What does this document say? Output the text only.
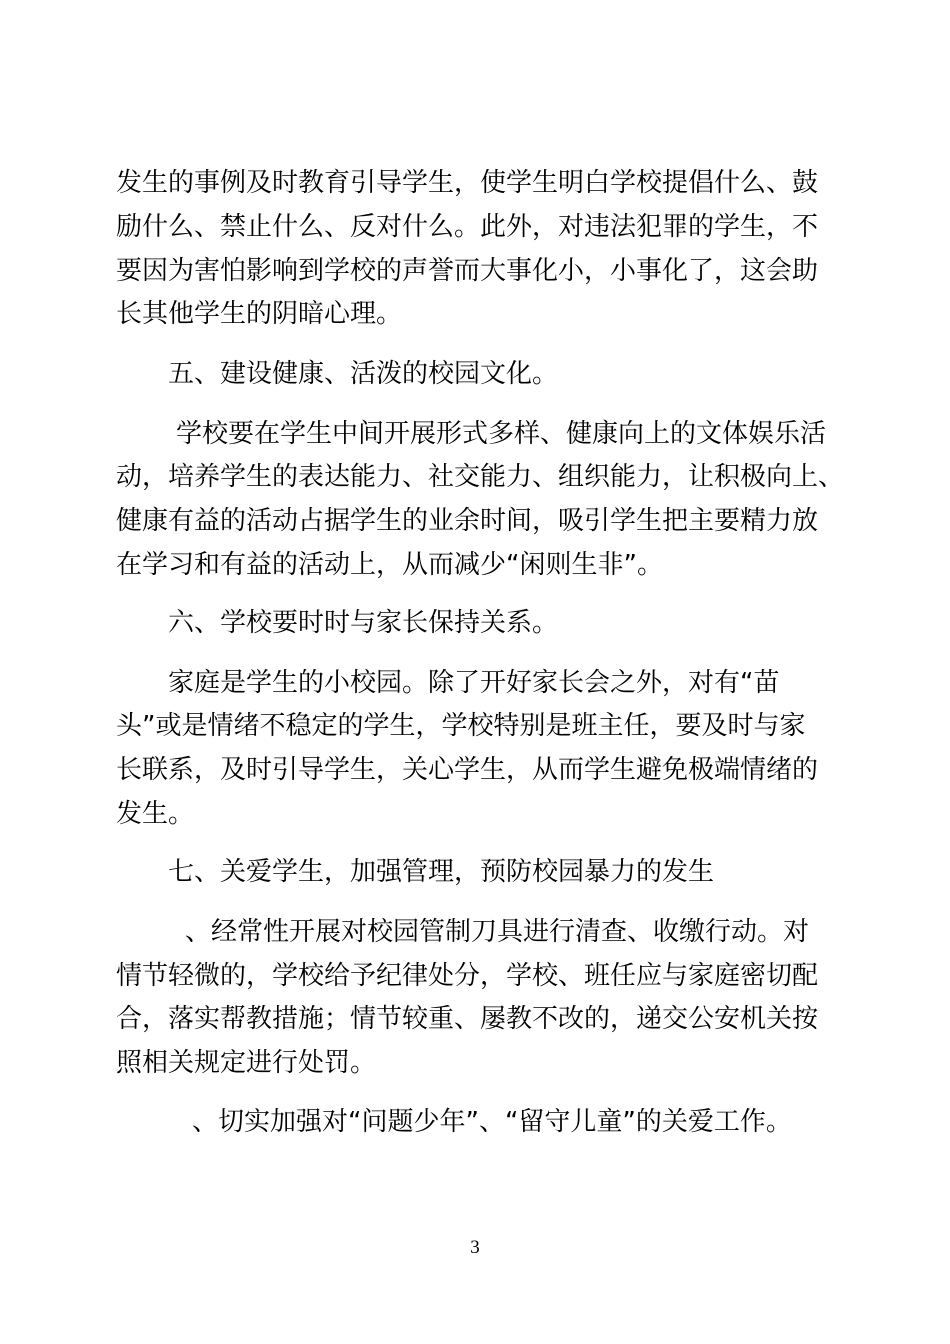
发生的事例及时教育引导学生，使学生明白学校提倡什么、鼓
励什么、禁止什么、反对什么。此外，对违法犯罪的学生，不
要因为害怕影响到学校的声誉而大事化小，小事化了，这会助
长其他学生的阴暗心理。
五、建设健康、活泼的校园文化。
学校要在学生中间开展形式多样、健康向上的文体娱乐活
动，培养学生的表达能力、社交能力、组织能力，让积极向上、
健康有益的活动占据学生的业余时间，吸引学生把主要精力放
在学习和有益的活动上，从而减少“闲则生非”。
六、学校要时时与家长保持关系。
家庭是学生的小校园。除了开好家长会之外，对有“苗
头”或是情绪不稳定的学生，学校特别是班主任，要及时与家
长联系，及时引导学生，关心学生，从而学生避免极端情绪的
发生。
七、关爱学生，加强管理，预防校园暴力的发生
、经常性开展对校园管制刀具进行清查、收缴行动。对
情节轻微的，学校给予纪律处分，学校、班任应与家庭密切配
合，落实帮教措施；情节较重、屡教不改的，递交公安机关按
照相关规定进行处罚。
、切实加强对“问题少年”、“留守儿童”的关爱工作。
3
